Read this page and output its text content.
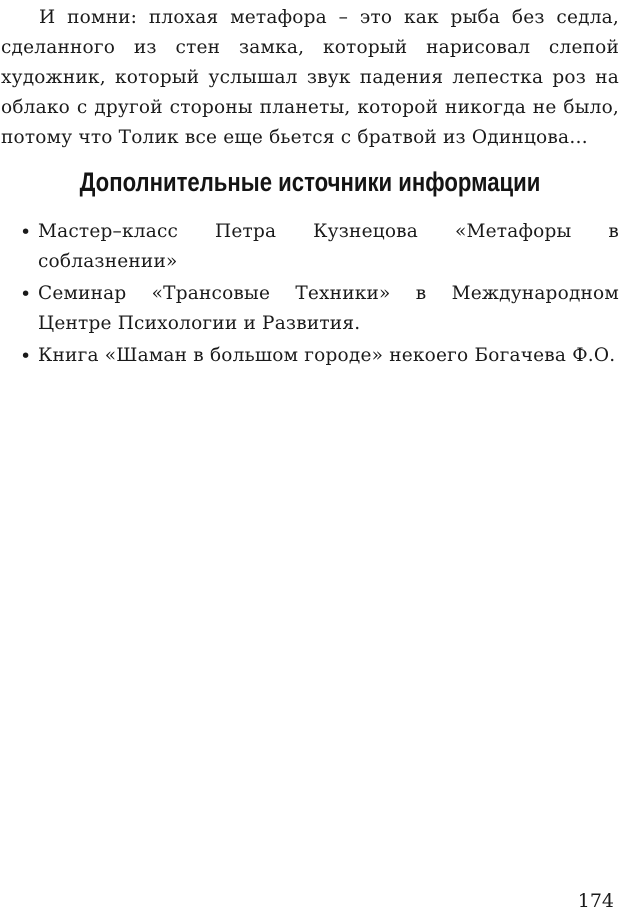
И помни: плохая метафора – это как рыба без седла, сделанного из стен замка, который нарисовал слепой художник, который услышал звук падения лепестка роз на облако с другой стороны планеты, которой никогда не было, потому что Толик все еще бьется с братвой из Одинцова…

Дополнительные источники информации
• Мастер–класс Петра Кузнецова «Метафоры в соблазнении»
• Семинар «Трансовые Техники» в Международном Центре Психологии и Развития.
• Книга «Шаман в большом городе» некоего Богачева Ф.О.
174
